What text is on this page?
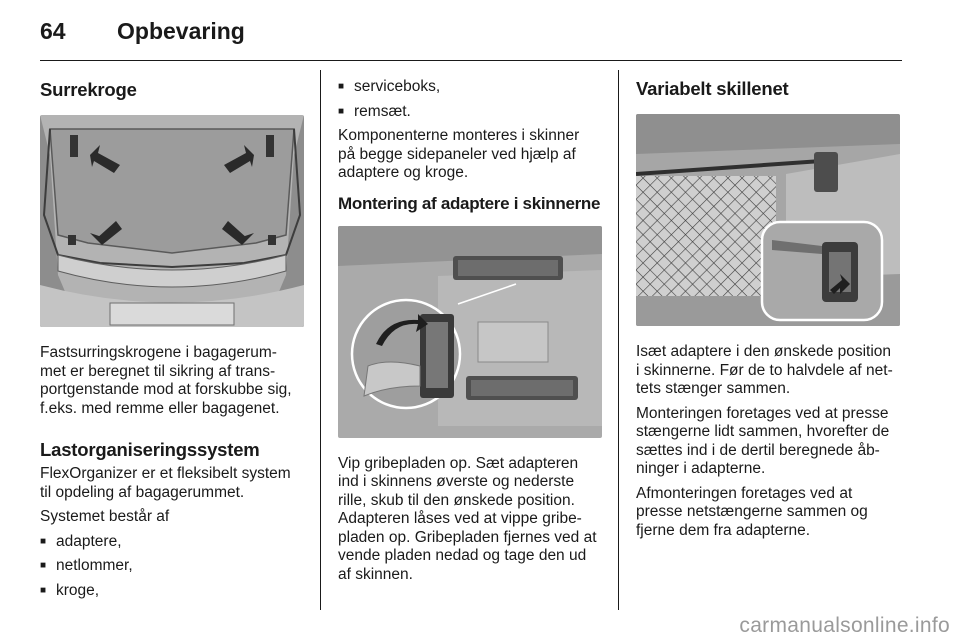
64 Opbevaring
Surrekroge

Fastsurringskrogene i bagagerum-
met er beregnet til sikring af trans-
portgenstande mod at forskubbe sig,
f.eks. med remme eller bagagenet.

Lastorganiseringssystem

FlexOrganizer er et fleksibelt system
til opdeling af bagagerummet.

Systemet består af

■ adaptere,
■ netlommer,
■ kroge,
■ serviceboks,
■ remsæt.

Komponenterne monteres i skinner
på begge sidepaneler ved hjælp af
adaptere og kroge.

Montering af adaptere i skinnerne

Vip gribepladen op. Sæt adapteren
ind i skinnens øverste og nederste
rille, skub til den ønskede position.
Adapteren låses ved at vippe gribe-
pladen op. Gribepladen fjernes ved at
vende pladen nedad og tage den ud
af skinnen.

Variabelt skillenet

Isæt adaptere i den ønskede position
i skinnerne. Før de to halvdele af net-
tets stænger sammen.

Monteringen foretages ved at presse
stængerne lidt sammen, hvorefter de
sættes ind i de dertil beregnede åb-
ninger i adapterne.

Afmonteringen foretages ved at
presse netstængerne sammen og
fjerne dem fra adapterne.

carmanualsonline.info
